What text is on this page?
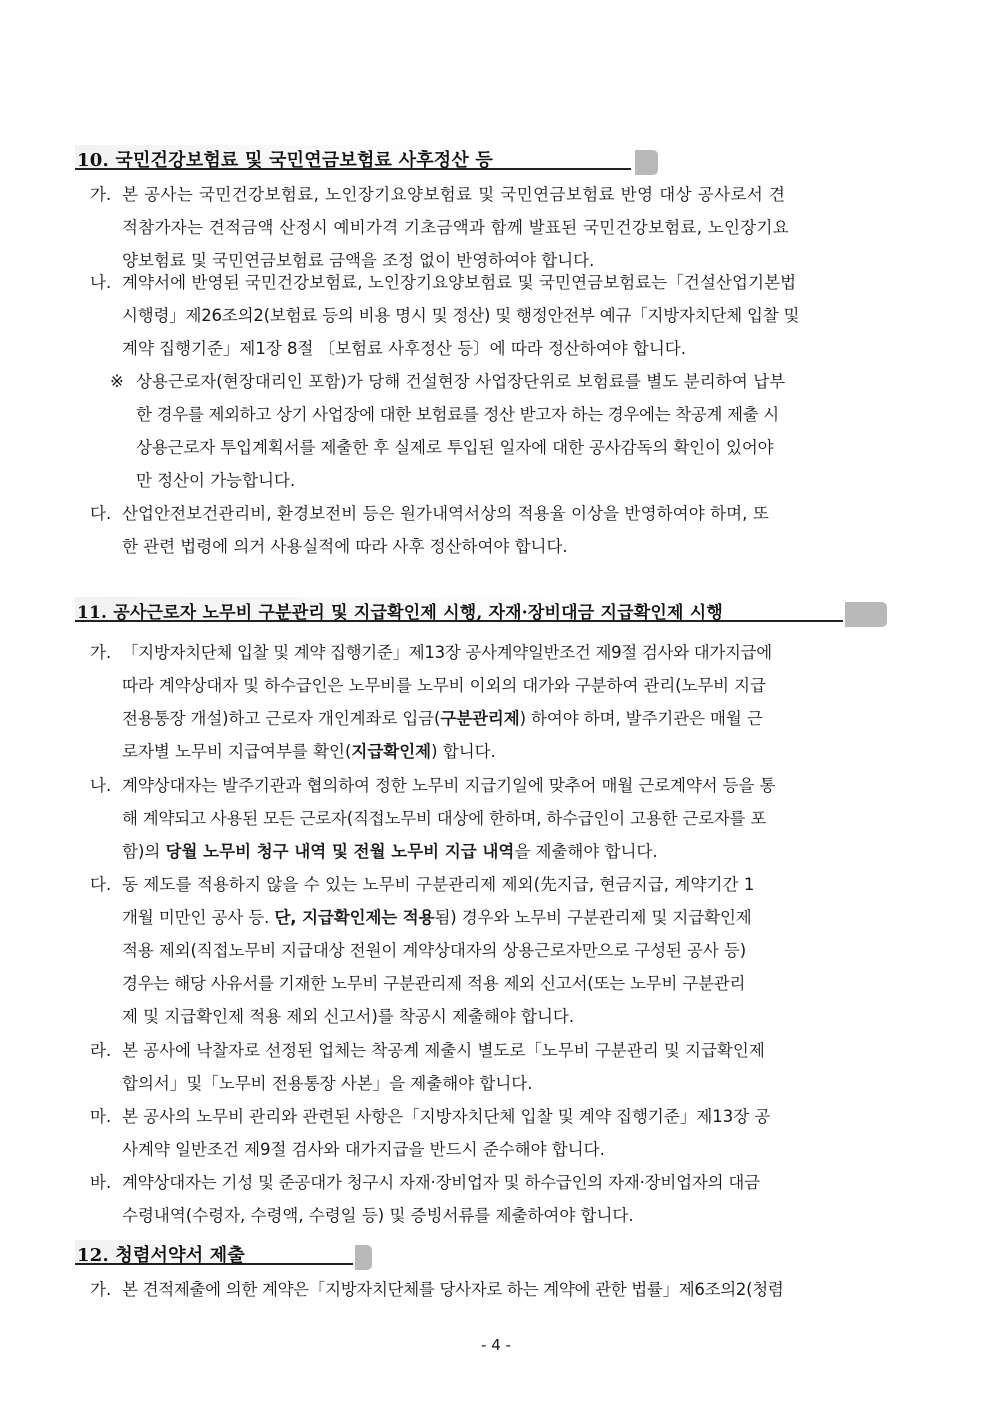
10. 국민건강보험료 및 국민연금보험료 사후정산 등
가. 본 공사는 국민건강보험료, 노인장기요양보험료 및 국민연금보험료 반영 대상 공사로서 견
적참가자는 견적금액 산정시 예비가격 기초금액과 함께 발표된 국민건강보험료, 노인장기요
양보험료 및 국민연금보험료 금액을 조정 없이 반영하여야 합니다.
나. 계약서에 반영된 국민건강보험료, 노인장기요양보험료 및 국민연금보험료는「건설산업기본법
시행령」제26조의2(보험료 등의 비용 명시 및 정산) 및 행정안전부 예규「지방자치단체 입찰 및
계약 집행기준」제1장 8절 〔보험료 사후정산 등〕에 따라 정산하여야 합니다.
※ 상용근로자(현장대리인 포함)가 당해 건설현장 사업장단위로 보험료를 별도 분리하여 납부
한 경우를 제외하고 상기 사업장에 대한 보험료를 정산 받고자 하는 경우에는 착공계 제출 시
상용근로자 투입계획서를 제출한 후 실제로 투입된 일자에 대한 공사감독의 확인이 있어야
만 정산이 가능합니다.
다. 산업안전보건관리비, 환경보전비 등은 원가내역서상의 적용율 이상을 반영하여야 하며, 또
한 관련 법령에 의거 사용실적에 따라 사후 정산하여야 합니다.
11. 공사근로자 노무비 구분관리 및 지급확인제 시행, 자재·장비대금 지급확인제 시행
가. 「지방자치단체 입찰 및 계약 집행기준」제13장 공사계약일반조건 제9절 검사와 대가지급에
따라 계약상대자 및 하수급인은 노무비를 노무비 이외의 대가와 구분하여 관리(노무비 지급
전용통장 개설)하고 근로자 개인계좌로 입금(구분관리제) 하여야 하며, 발주기관은 매월 근
로자별 노무비 지급여부를 확인(지급확인제) 합니다.
나. 계약상대자는 발주기관과 협의하여 정한 노무비 지급기일에 맞추어 매월 근로계약서 등을 통
해 계약되고 사용된 모든 근로자(직접노무비 대상에 한하며, 하수급인이 고용한 근로자를 포
함)의 당월 노무비 청구 내역 및 전월 노무비 지급 내역을 제출해야 합니다.
다. 동 제도를 적용하지 않을 수 있는 노무비 구분관리제 제외(先지급, 현금지급, 계약기간 1
개월 미만인 공사 등. 단, 지급확인제는 적용됨) 경우와 노무비 구분관리제 및 지급확인제
적용 제외(직접노무비 지급대상 전원이 계약상대자의 상용근로자만으로 구성된 공사 등)
경우는 해당 사유서를 기재한 노무비 구분관리제 적용 제외 신고서(또는 노무비 구분관리
제 및 지급확인제 적용 제외 신고서)를 착공시 제출해야 합니다.
라. 본 공사에 낙찰자로 선정된 업체는 착공계 제출시 별도로「노무비 구분관리 및 지급확인제
합의서」및「노무비 전용통장 사본」을 제출해야 합니다.
마. 본 공사의 노무비 관리와 관련된 사항은「지방자치단체 입찰 및 계약 집행기준」제13장 공
사계약 일반조건 제9절 검사와 대가지급을 반드시 준수해야 합니다.
바. 계약상대자는 기성 및 준공대가 청구시 자재·장비업자 및 하수급인의 자재·장비업자의 대금
수령내역(수령자, 수령액, 수령일 등) 및 증빙서류를 제출하여야 합니다.
12. 청렴서약서 제출
가. 본 견적제출에 의한 계약은「지방자치단체를 당사자로 하는 계약에 관한 법률」제6조의2(청렴
- 4 -
